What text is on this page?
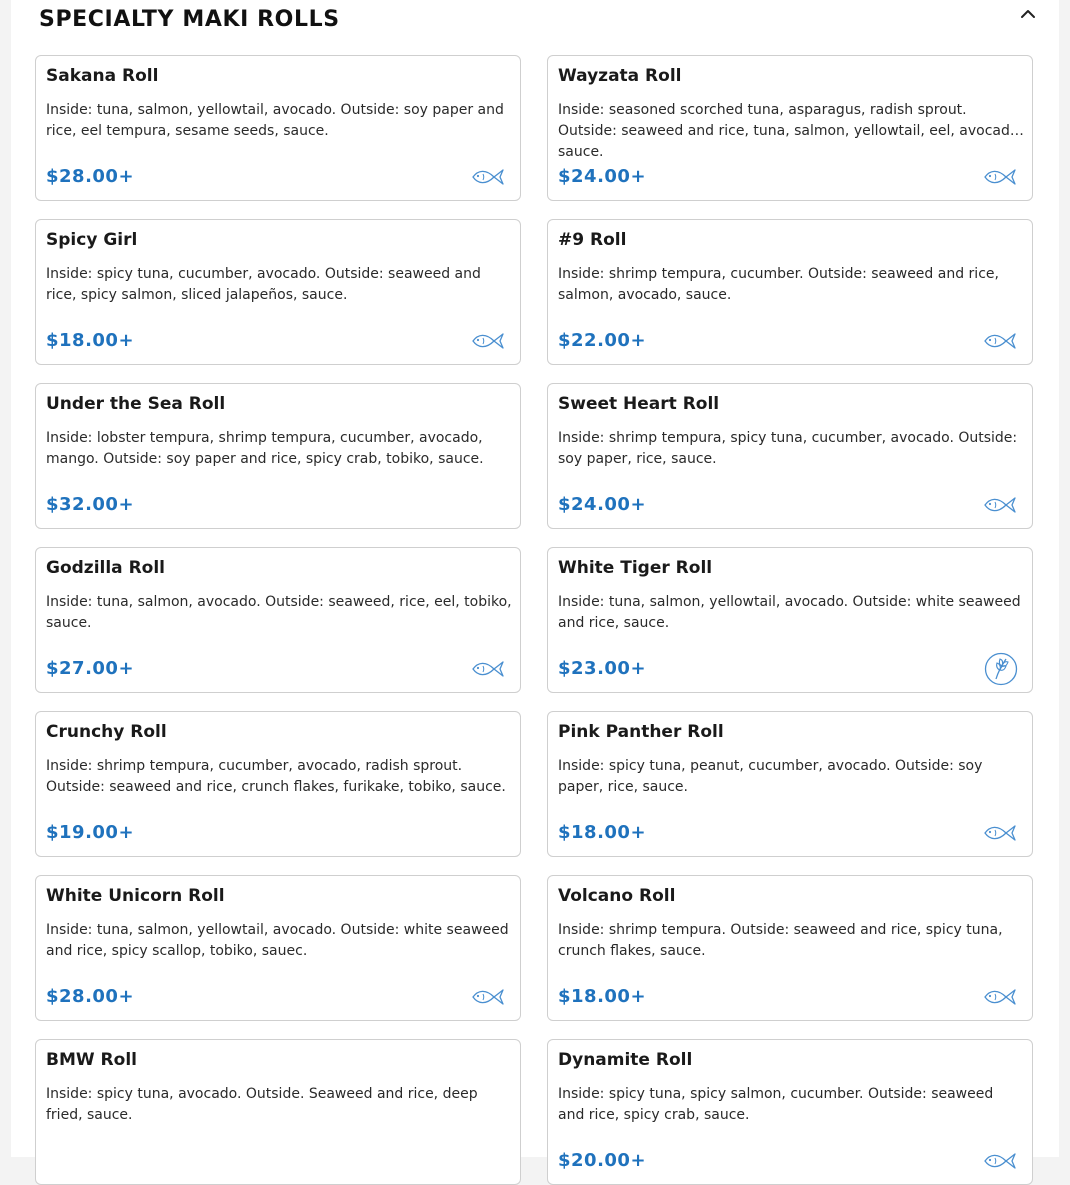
SPECIALTY MAKI ROLLS
Sakana Roll
Inside: tuna, salmon, yellowtail, avocado. Outside: soy paper and rice, eel tempura, sesame seeds, sauce.
$28.00+
Wayzata Roll
Inside: seasoned scorched tuna, asparagus, radish sprout. Outside: seaweed and rice, tuna, salmon, yellowtail, eel, avocado, sauce.
$24.00+
Spicy Girl
Inside: spicy tuna, cucumber, avocado. Outside: seaweed and rice, spicy salmon, sliced jalapeños, sauce.
$18.00+
#9 Roll
Inside: shrimp tempura, cucumber. Outside: seaweed and rice, salmon, avocado, sauce.
$22.00+
Under the Sea Roll
Inside: lobster tempura, shrimp tempura, cucumber, avocado, mango. Outside: soy paper and rice, spicy crab, tobiko, sauce.
$32.00+
Sweet Heart Roll
Inside: shrimp tempura, spicy tuna, cucumber, avocado. Outside: soy paper, rice, sauce.
$24.00+
Godzilla Roll
Inside: tuna, salmon, avocado. Outside: seaweed, rice, eel, tobiko, sauce.
$27.00+
White Tiger Roll
Inside: tuna, salmon, yellowtail, avocado. Outside: white seaweed and rice, sauce.
$23.00+
Crunchy Roll
Inside: shrimp tempura, cucumber, avocado, radish sprout. Outside: seaweed and rice, crunch flakes, furikake, tobiko, sauce.
$19.00+
Pink Panther Roll
Inside: spicy tuna, peanut, cucumber, avocado. Outside: soy paper, rice, sauce.
$18.00+
White Unicorn Roll
Inside: tuna, salmon, yellowtail, avocado. Outside: white seaweed and rice, spicy scallop, tobiko, sauec.
$28.00+
Volcano Roll
Inside: shrimp tempura. Outside: seaweed and rice, spicy tuna, crunch flakes, sauce.
$18.00+
BMW Roll
Inside: spicy tuna, avocado. Outside. Seaweed and rice, deep fried, sauce.
Dynamite Roll
Inside: spicy tuna, spicy salmon, cucumber. Outside: seaweed and rice, spicy crab, sauce.
$20.00+
